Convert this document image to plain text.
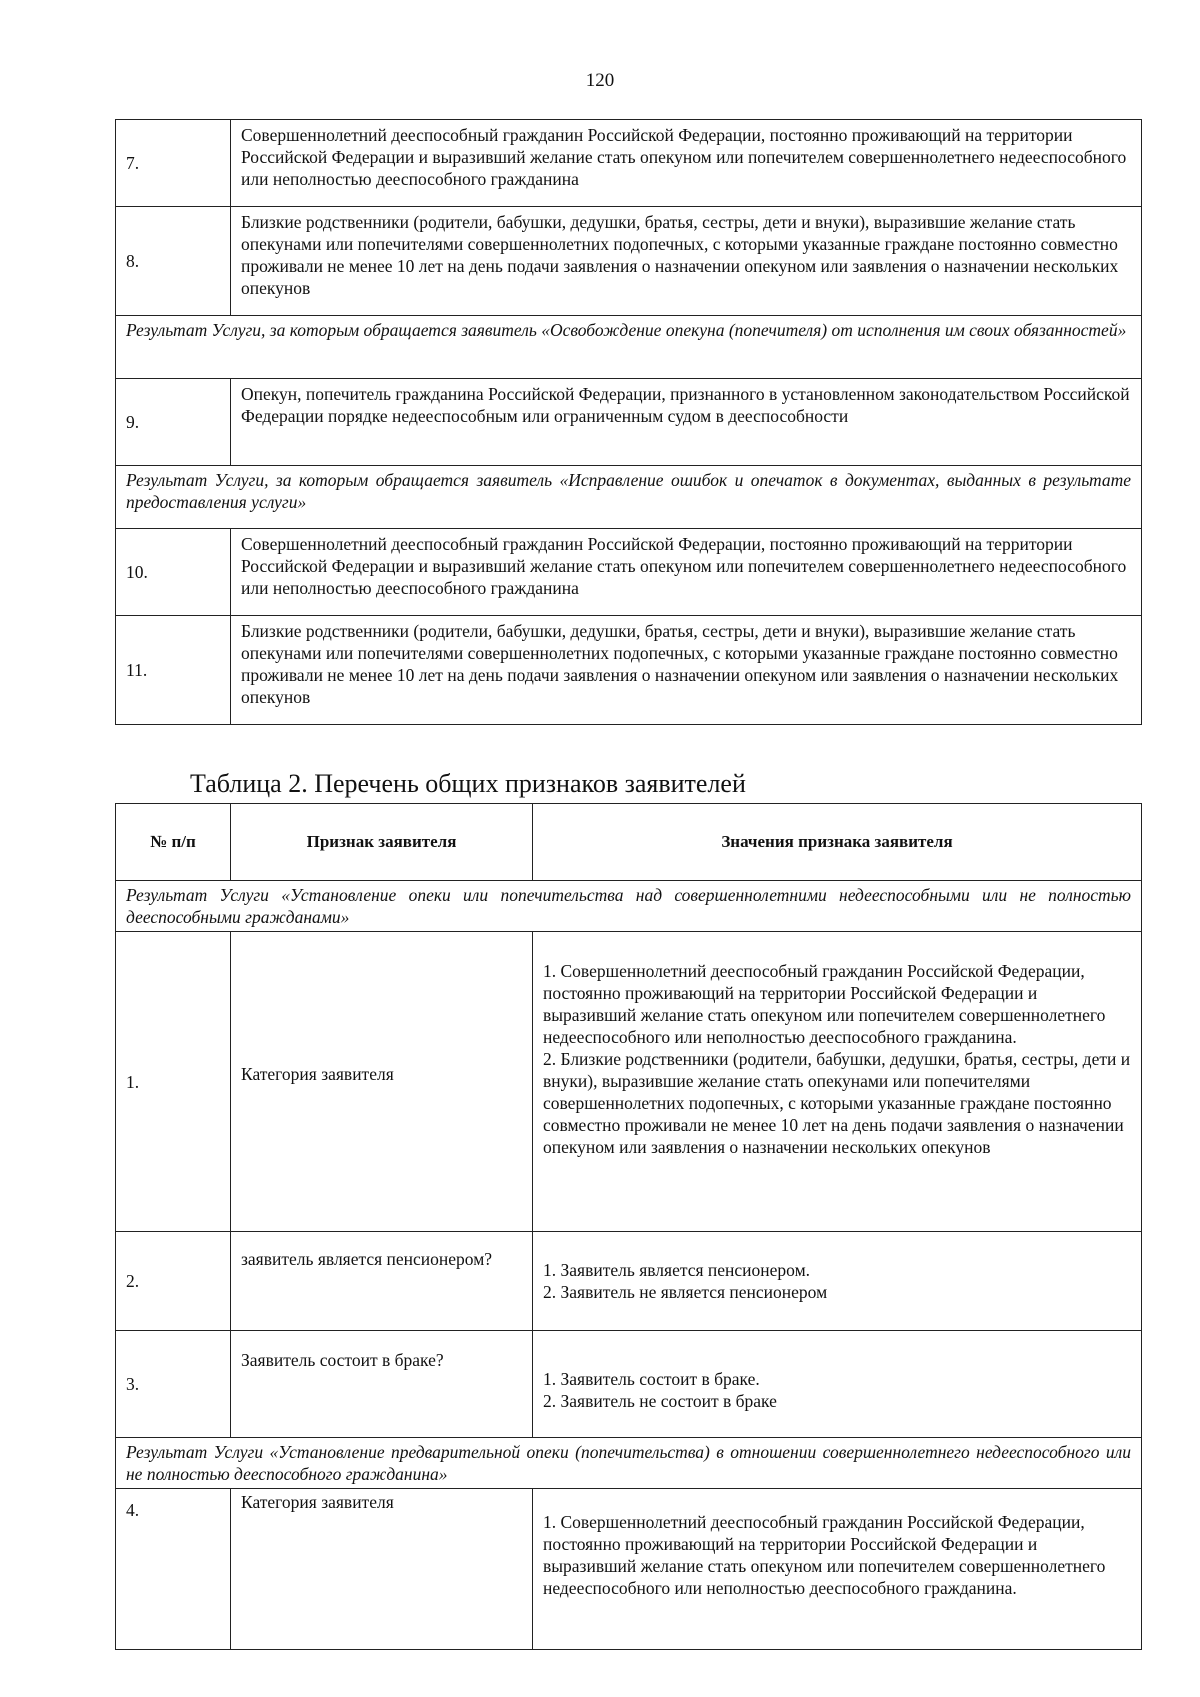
120
7.	Совершеннолетний дееспособный гражданин Российской Федерации, постоянно проживающий на территории Российской Федерации и выразивший желание стать опекуном или попечителем совершеннолетнего недееспособного или неполностью дееспособного гражданина
8.	Близкие родственники (родители, бабушки, дедушки, братья, сестры, дети и внуки), выразившие желание стать опекунами или попечителями совершеннолетних подопечных, с которыми указанные граждане постоянно совместно проживали не менее 10 лет на день подачи заявления о назначении опекуном или заявления о назначении нескольких опекунов
Результат Услуги, за которым обращается заявитель «Освобождение опекуна (попечителя) от исполнения им своих обязанностей»	
9.	Опекун, попечитель гражданина Российской Федерации, признанного в установленном законодательством Российской Федерации порядке недееспособным или ограниченным судом в дееспособности
Результат Услуги, за которым обращается заявитель «Исправление ошибок и опечаток в документах, выданных в результате предоставления услуги»	
10.	Совершеннолетний дееспособный гражданин Российской Федерации, постоянно проживающий на территории Российской Федерации и выразивший желание стать опекуном или попечителем совершеннолетнего недееспособного или неполностью дееспособного гражданина
11.	Близкие родственники (родители, бабушки, дедушки, братья, сестры, дети и внуки), выразившие желание стать опекунами или попечителями совершеннолетних подопечных, с которыми указанные граждане постоянно совместно проживали не менее 10 лет на день подачи заявления о назначении опекуном или заявления о назначении нескольких опекунов
Таблица 2. Перечень общих признаков заявителей
№ п/п	Признак заявителя	Значения признака заявителя
Результат Услуги «Установление опеки или попечительства над совершеннолетними недееспособными или не полностью дееспособными гражданами»		
1.	Категория заявителя	1. Совершеннолетний дееспособный гражданин Российской Федерации, постоянно проживающий на территории Российской Федерации и выразивший желание стать опекуном или попечителем совершеннолетнего недееспособного или неполностью дееспособного гражданина.
2. Близкие родственники (родители, бабушки, дедушки, братья, сестры, дети и внуки), выразившие желание стать опекунами или попечителями совершеннолетних подопечных, с которыми указанные граждане постоянно совместно проживали не менее 10 лет на день подачи заявления о назначении опекуном или заявления о назначении нескольких опекунов

2.	заявитель является пенсионером?	1. Заявитель является пенсионером.
2. Заявитель не является пенсионером

3.	Заявитель состоит в браке?	1. Заявитель состоит в браке.
2. Заявитель не состоит в браке

Результат Услуги «Установление предварительной опеки (попечительства) в отношении совершеннолетнего недееспособного или не полностью дееспособного гражданина»		
4.	Категория заявителя	1. Совершеннолетний дееспособный гражданин Российской Федерации, постоянно проживающий на территории Российской Федерации и выразивший желание стать опекуном или попечителем совершеннолетнего недееспособного или неполностью дееспособного гражданина.
